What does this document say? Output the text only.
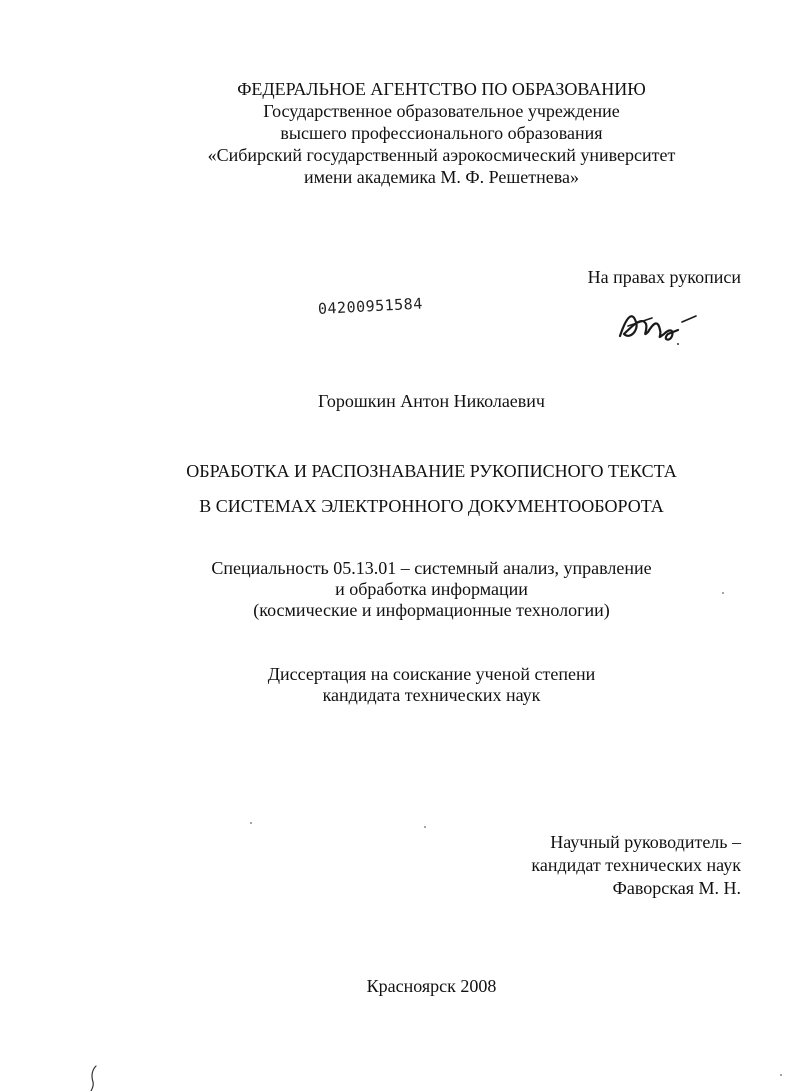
ФЕДЕРАЛЬНОЕ АГЕНТСТВО ПО ОБРАЗОВАНИЮ
Государственное образовательное учреждение
высшего профессионального образования
«Сибирский государственный аэрокосмический университет
имени академика М. Ф. Решетнева»
На правах рукописи
04200951584
Горошкин Антон Николаевич
ОБРАБОТКА И РАСПОЗНАВАНИЕ РУКОПИСНОГО ТЕКСТА
В СИСТЕМАХ ЭЛЕКТРОННОГО ДОКУМЕНТООБОРОТА
Специальность 05.13.01 – системный анализ, управление
и обработка информации
(космические и информационные технологии)
Диссертация на соискание ученой степени
кандидата технических наук
Научный руководитель –
кандидат технических наук
Фаворская М. Н.
Красноярск 2008
